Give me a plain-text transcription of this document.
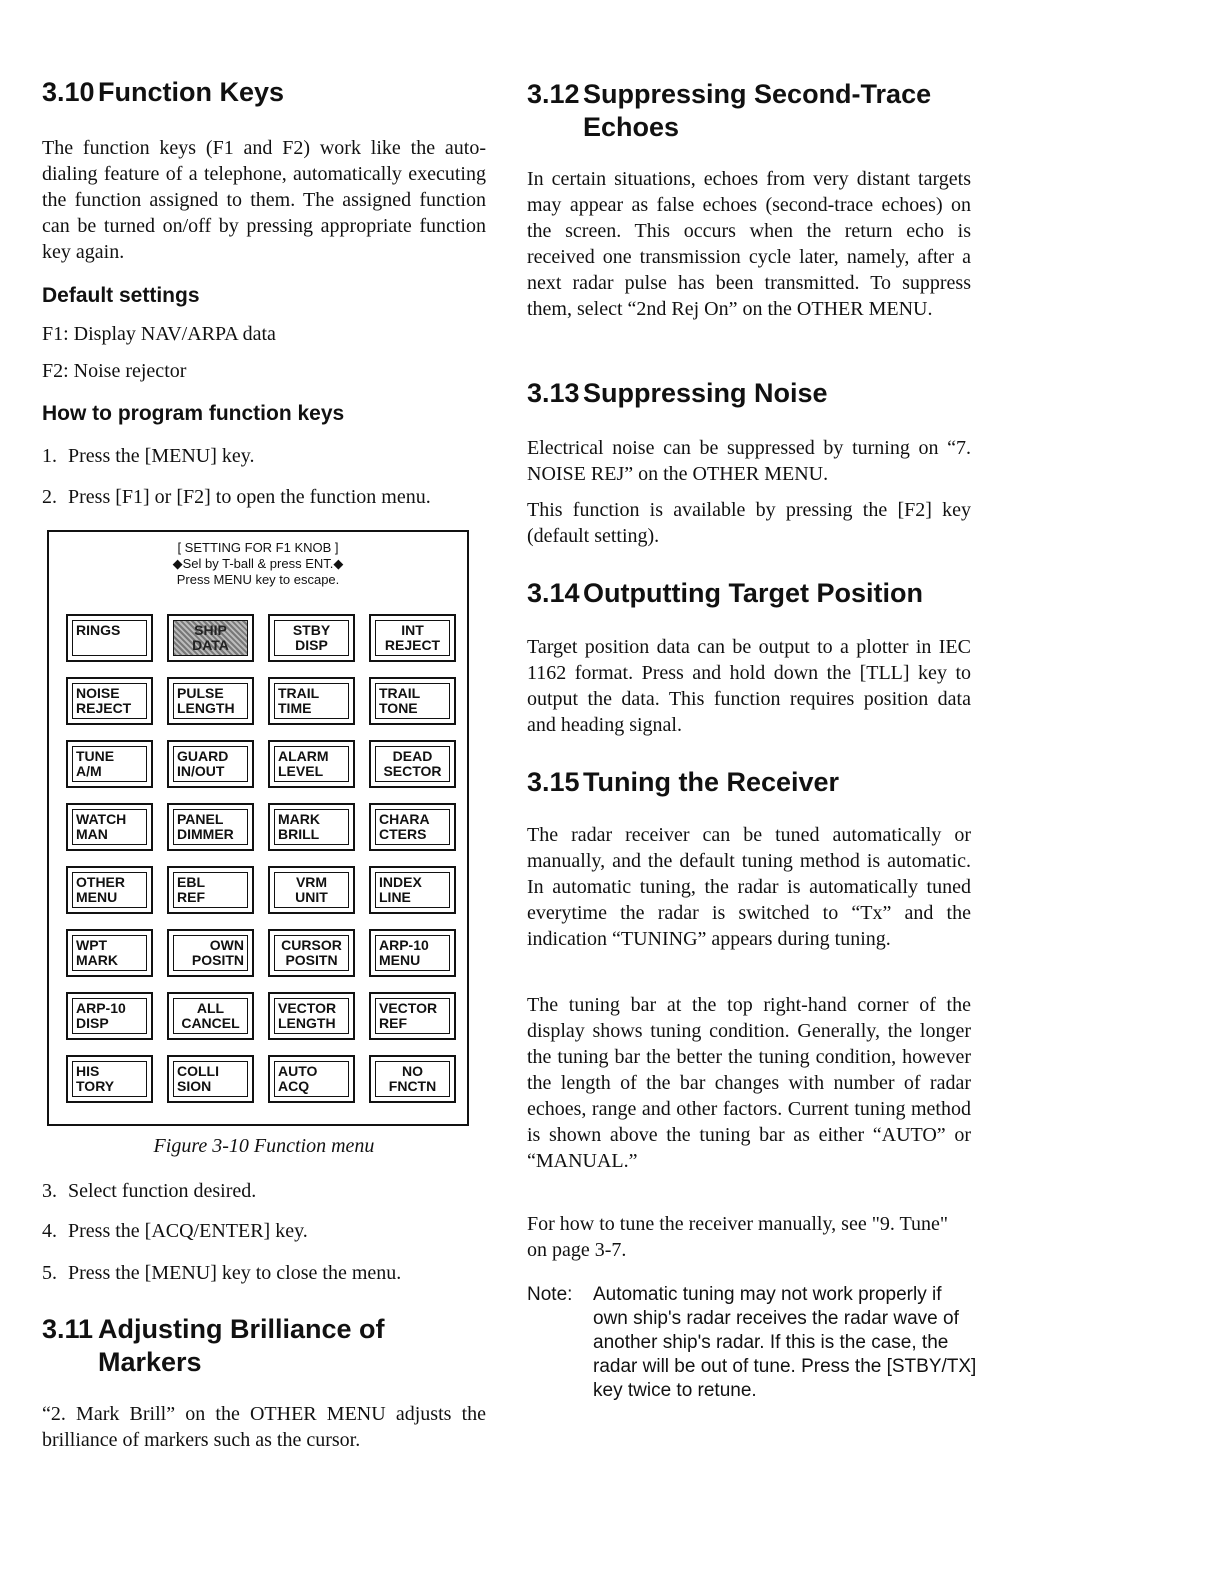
3.10 Function Keys

The function keys (F1 and F2) work like the auto-dialing feature of a telephone, automatically executing the function assigned to them. The assigned function can be turned on/off by pressing appropriate function key again.

Default settings

F1: Display NAV/ARPA data

F2: Noise rejector

How to program function keys
1. Press the [MENU] key.
2. Press [F1] or [F2] to open the function menu.
Figure 3-10 Function menu
3. Select function desired.
4. Press the [ACQ/ENTER] key.
5. Press the [MENU] key to close the menu.
3.11 Adjusting Brilliance of
Markers

“2. Mark Brill” on the OTHER MENU adjusts the brilliance of markers such as the cursor.

[ SETTING FOR F1 KNOB ]
◆Sel by T-ball & press ENT.◆
Press MENU key to escape.
RINGS	SHIP
DATA
STBY
DISP
INT
REJECT
NOISE
REJECT
PULSE
LENGTH
TRAIL
TIME
TRAIL
TONE
TUNE
A/M
GUARD
IN/OUT
ALARM
LEVEL
DEAD
SECTOR
WATCH
MAN
PANEL
DIMMER
MARK
BRILL
CHARA
CTERS
OTHER
MENU
EBL
REF
VRM
UNIT
INDEX
LINE
WPT
MARK
OWN
POSITN
CURSOR
POSITN
ARP-10
MENU
ARP-10
DISP
ALL
CANCEL
VECTOR
LENGTH
VECTOR
REF
HIS
TORY
COLLI
SION
AUTO
ACQ
NO
FNCTN
3.12 Suppressing Second-Trace
Echoes

In certain situations, echoes from very distant targets may appear as false echoes (second-trace echoes) on the screen. This occurs when the return echo is received one transmission cycle later, namely, after a next radar pulse has been transmitted. To suppress them, select “2nd Rej On” on the OTHER MENU.

3.13 Suppressing Noise

Electrical noise can be suppressed by turning on “7. NOISE REJ” on the OTHER MENU.

This function is available by pressing the [F2] key (default setting).

3.14 Outputting Target Position

Target position data can be output to a plotter in IEC 1162 format. Press and hold down the [TLL] key to output the data. This function requires position data and heading signal.

3.15 Tuning the Receiver

The radar receiver can be tuned automatically or manually, and the default tuning method is automatic. In automatic tuning, the radar is automatically tuned everytime the radar is switched to “Tx” and the indication “TUNING” appears during tuning.

The tuning bar at the top right-hand corner of the display shows tuning condition. Generally, the longer the tuning bar the better the tuning condition, however the length of the bar changes with number of radar echoes, range and other factors. Current tuning method is shown above the tuning bar as either “AUTO” or “MANUAL.”

For how to tune the receiver manually, see "9. Tune" on page 3-7.

Note: Automatic tuning may not work properly if own ship's radar receives the radar wave of another ship's radar. If this is the case, the radar will be out of tune. Press the [STBY/TX] key twice to retune.
